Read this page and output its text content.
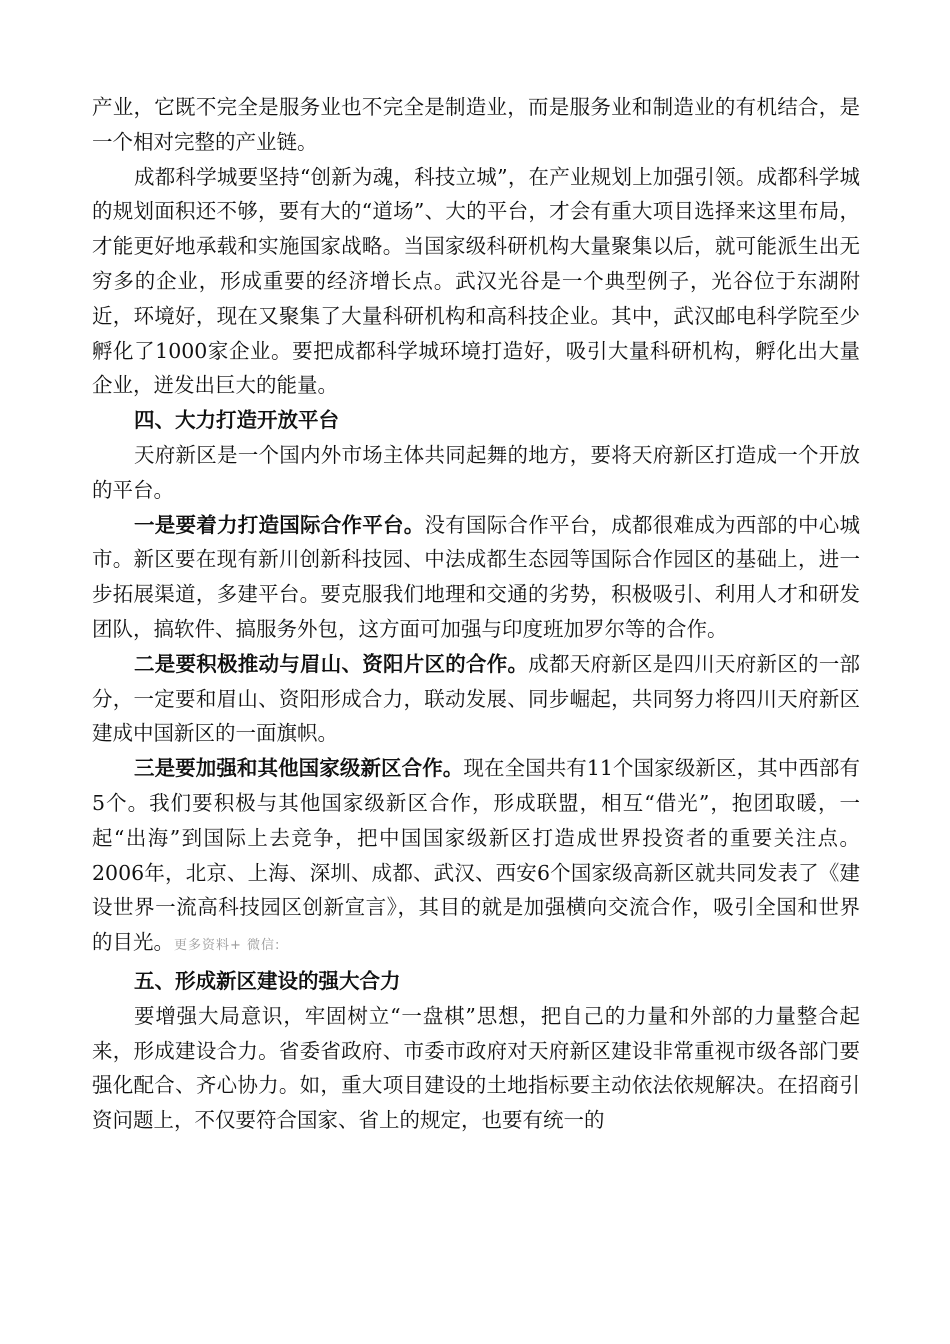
产业，它既不完全是服务业也不完全是制造业，而是服务业和制造业的有机结合，是一个相对完整的产业链。

成都科学城要坚持“创新为魂，科技立城”，在产业规划上加强引领。成都科学城的规划面积还不够，要有大的“道场”、大的平台，才会有重大项目选择来这里布局，才能更好地承载和实施国家战略。当国家级科研机构大量聚集以后，就可能派生出无穷多的企业，形成重要的经济增长点。武汉光谷是一个典型例子，光谷位于东湖附近，环境好，现在又聚集了大量科研机构和高科技企业。其中，武汉邮电科学院至少孵化了1000家企业。要把成都科学城环境打造好，吸引大量科研机构，孵化出大量企业，迸发出巨大的能量。

四、大力打造开放平台

天府新区是一个国内外市场主体共同起舞的地方，要将天府新区打造成一个开放的平台。

一是要着力打造国际合作平台。没有国际合作平台，成都很难成为西部的中心城市。新区要在现有新川创新科技园、中法成都生态园等国际合作园区的基础上，进一步拓展渠道，多建平台。要克服我们地理和交通的劣势，积极吸引、利用人才和研发团队，搞软件、搞服务外包，这方面可加强与印度班加罗尔等的合作。

二是要积极推动与眉山、资阳片区的合作。成都天府新区是四川天府新区的一部分，一定要和眉山、资阳形成合力，联动发展、同步崛起，共同努力将四川天府新区建成中国新区的一面旗帜。

三是要加强和其他国家级新区合作。现在全国共有11个国家级新区，其中西部有5个。我们要积极与其他国家级新区合作，形成联盟，相互“借光”，抱团取暖，一起“出海”到国际上去竞争，把中国国家级新区打造成世界投资者的重要关注点。2006年，北京、上海、深圳、成都、武汉、西安6个国家级高新区就共同发表了《建设世界一流高科技园区创新宣言》，其目的就是加强横向交流合作，吸引全国和世界的目光。更多资料+ 微信:

五、形成新区建设的强大合力

要增强大局意识，牢固树立“一盘棋”思想，把自己的力量和外部的力量整合起来，形成建设合力。省委省政府、市委市政府对天府新区建设非常重视市级各部门要强化配合、齐心协力。如，重大项目建设的土地指标要主动依法依规解决。在招商引资问题上，不仅要符合国家、省上的规定，也要有统一的
